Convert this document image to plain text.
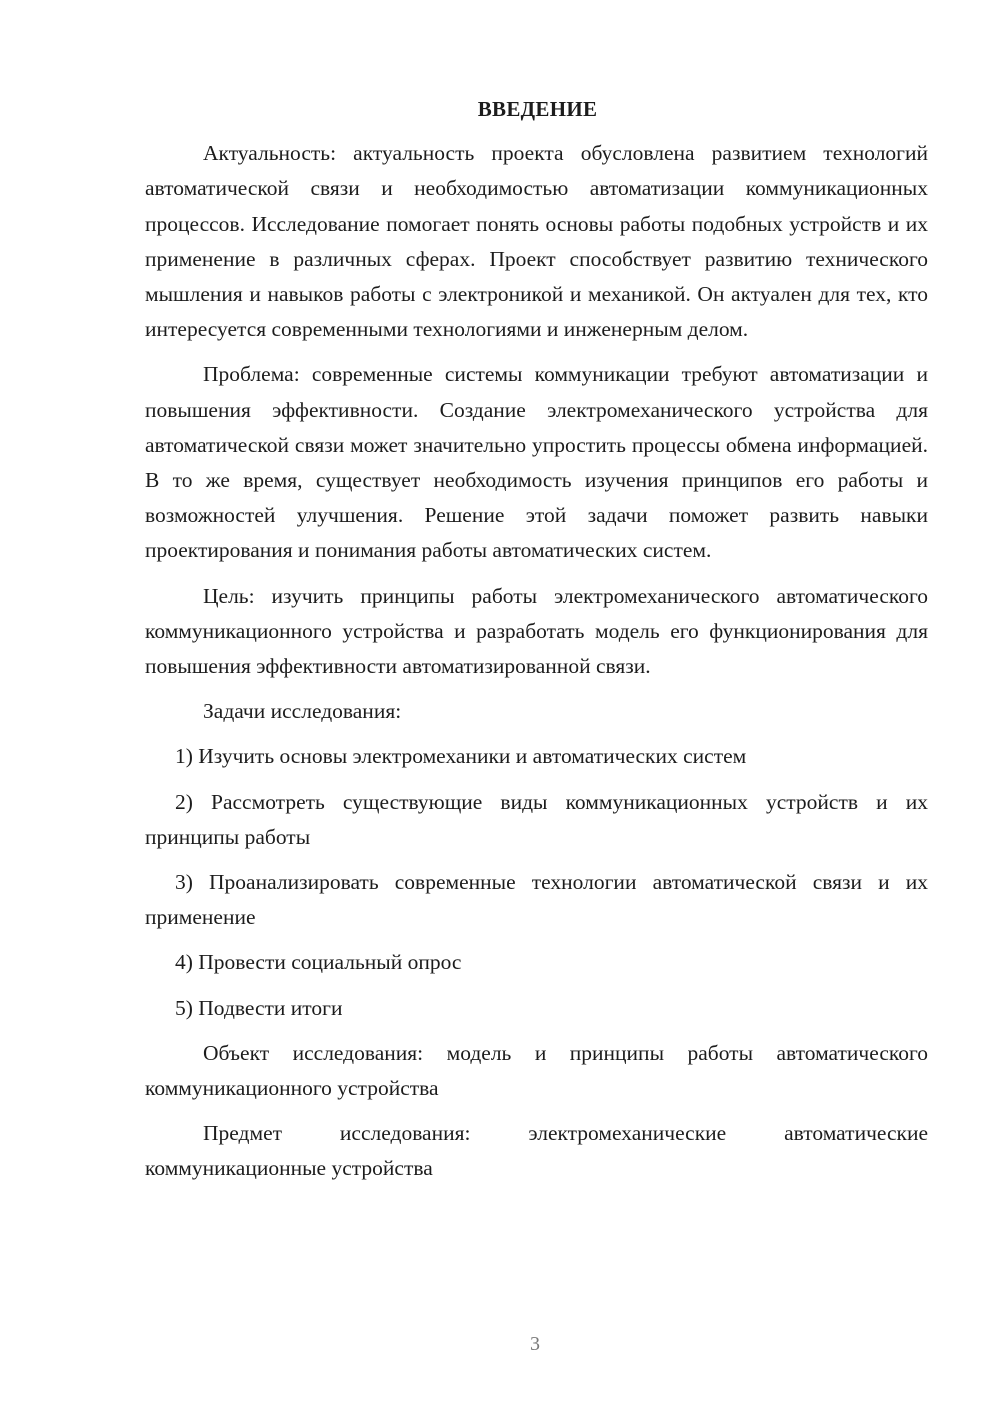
ВВЕДЕНИЕ

Актуальность: актуальность проекта обусловлена развитием технологий автоматической связи и необходимостью автоматизации коммуникационных процессов. Исследование помогает понять основы работы подобных устройств и их применение в различных сферах. Проект способствует развитию технического мышления и навыков работы с электроникой и механикой. Он актуален для тех, кто интересуется современными технологиями и инженерным делом.

Проблема: современные системы коммуникации требуют автоматизации и повышения эффективности. Создание электромеханического устройства для автоматической связи может значительно упростить процессы обмена информацией. В то же время, существует необходимость изучения принципов его работы и возможностей улучшения. Решение этой задачи поможет развить навыки проектирования и понимания работы автоматических систем.

Цель: изучить принципы работы электромеханического автоматического коммуникационного устройства и разработать модель его функционирования для повышения эффективности автоматизированной связи.

Задачи исследования:

1) Изучить основы электромеханики и автоматических систем

2) Рассмотреть существующие виды коммуникационных устройств и их принципы работы

3) Проанализировать современные технологии автоматической связи и их применение

4) Провести социальный опрос

5) Подвести итоги

Объект исследования: модель и принципы работы автоматического коммуникационного устройства

Предмет исследования: электромеханические автоматические коммуникационные устройства

3
